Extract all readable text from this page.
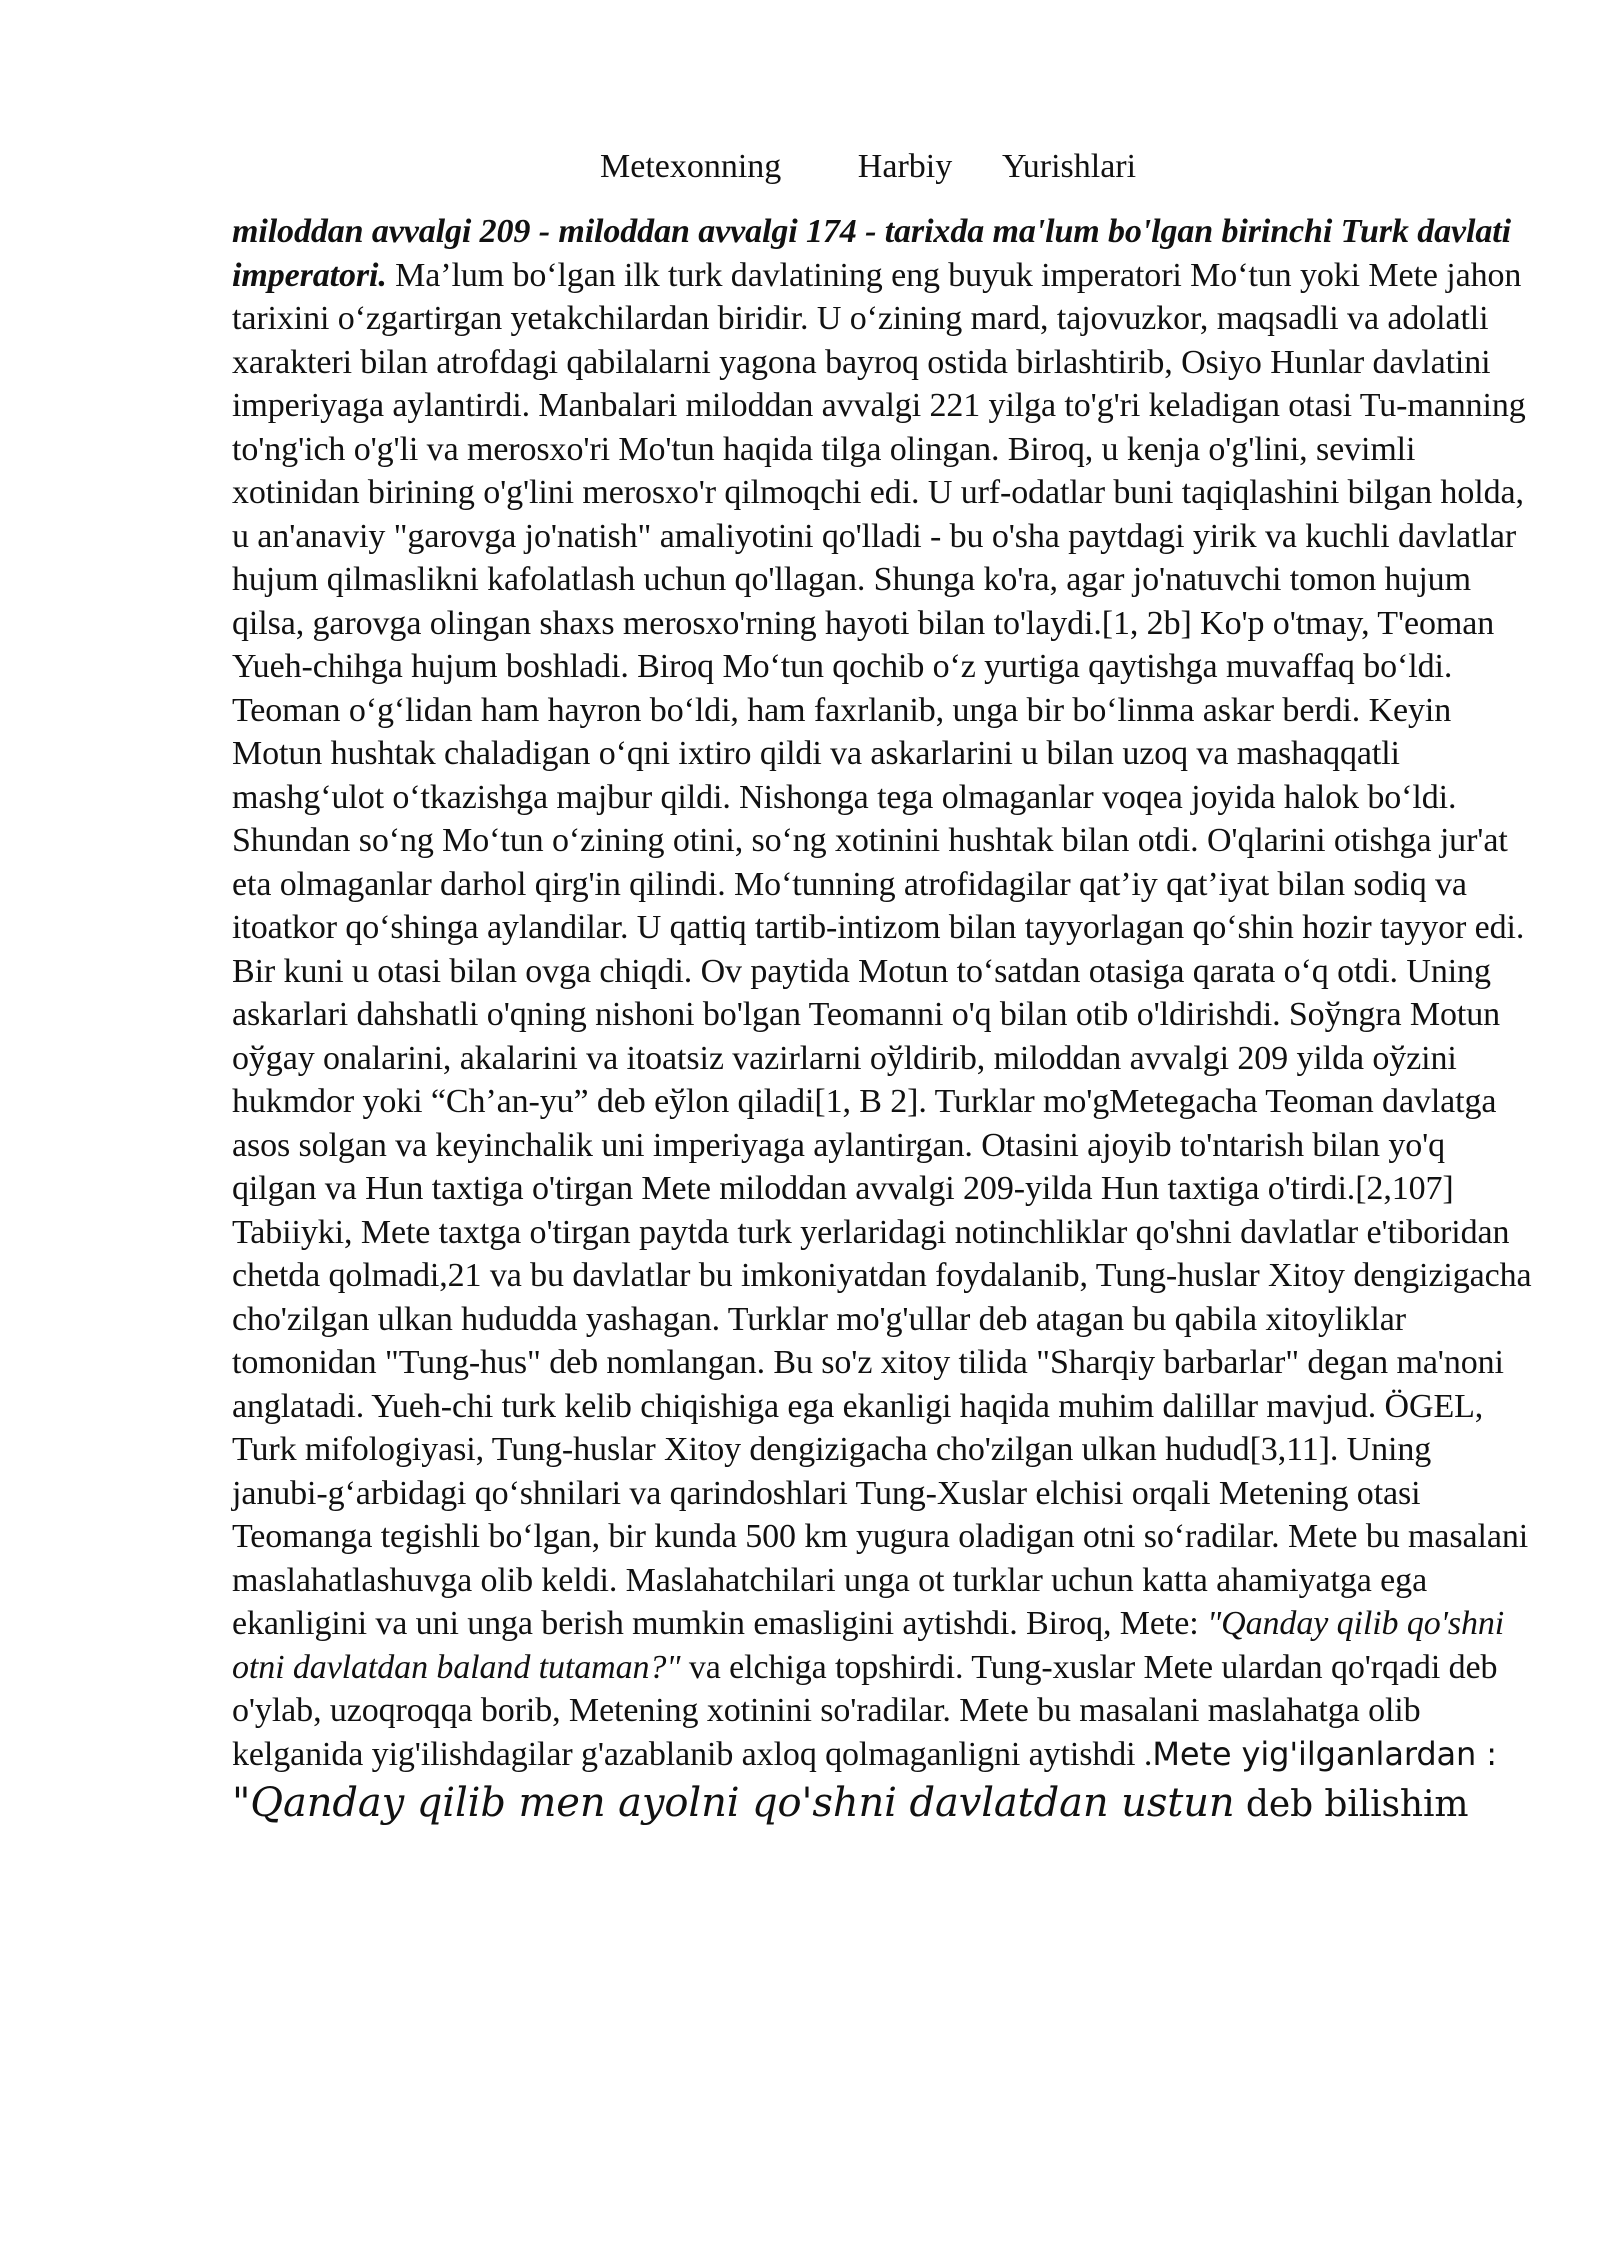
Metexonning         Harbiy      Yurishlari

miloddan avvalgi 209 - miloddan avvalgi 174 - tarixda ma'lum bo'lgan birinchi Turk davlati imperatori. Ma’lum bo‘lgan ilk turk davlatining eng buyuk imperatori Mo‘tun yoki Mete jahon tarixini o‘zgartirgan yetakchilardan biridir. U o‘zining mard, tajovuzkor, maqsadli va adolatli xarakteri bilan atrofdagi qabilalarni yagona bayroq ostida birlashtirib, Osiyo Hunlar davlatini imperiyaga aylantirdi. Manbalari miloddan avvalgi 221 yilga to'g'ri keladigan otasi Tu-manning to'ng'ich o'g'li va merosxo'ri Mo'tun haqida tilga olingan. Biroq, u kenja o'g'lini, sevimli xotinidan birining o'g'lini merosxo'r qilmoqchi edi. U urf-odatlar buni taqiqlashini bilgan holda, u an'anaviy "garovga jo'natish" amaliyotini qo'lladi - bu o'sha paytdagi yirik va kuchli davlatlar hujum qilmaslikni kafolatlash uchun qo'llagan. Shunga ko'ra, agar jo'natuvchi tomon hujum qilsa, garovga olingan shaxs merosxo'rning hayoti bilan to'laydi.[1, 2b] Ko'p o'tmay, T'eoman Yueh-chihga hujum boshladi. Biroq Mo‘tun qochib o‘z yurtiga qaytishga muvaffaq bo‘ldi. Teoman o‘g‘lidan ham hayron bo‘ldi, ham faxrlanib, unga bir bo‘linma askar berdi. Keyin Motun hushtak chaladigan o‘qni ixtiro qildi va askarlarini u bilan uzoq va mashaqqatli mashg‘ulot o‘tkazishga majbur qildi. Nishonga tega olmaganlar voqea joyida halok bo‘ldi. Shundan so‘ng Mo‘tun o‘zining otini, so‘ng xotinini hushtak bilan otdi. O'qlarini otishga jur'at eta olmaganlar darhol qirg'in qilindi. Mo‘tunning atrofidagilar qat’iy qat’iyat bilan sodiq va itoatkor qo‘shinga aylandilar. U qattiq tartib-intizom bilan tayyorlagan qo‘shin hozir tayyor edi. Bir kuni u otasi bilan ovga chiqdi. Ov paytida Motun to‘satdan otasiga qarata o‘q otdi. Uning askarlari dahshatli o'qning nishoni bo'lgan Teomanni o'q bilan otib o'ldirishdi. Soўngra Motun oўgay onalarini, akalarini va itoatsiz vazirlarni oўldirib, miloddan avvalgi 209 yilda oўzini hukmdor yoki “Ch’an-yu” deb eўlon qiladi[1, B 2]. Turklar mo'gMetegacha Teoman davlatga asos solgan va keyinchalik uni imperiyaga aylantirgan. Otasini ajoyib to'ntarish bilan yo'q qilgan va Hun taxtiga o'tirgan Mete miloddan avvalgi 209-yilda Hun taxtiga o'tirdi.[2,107] Tabiiyki, Mete taxtga o'tirgan paytda turk yerlaridagi notinchliklar qo'shni davlatlar e'tiboridan chetda qolmadi,21 va bu davlatlar bu imkoniyatdan foydalanib, Tung-huslar Xitoy dengizigacha cho'zilgan ulkan hududda yashagan. Turklar mo'g'ullar deb atagan bu qabila xitoyliklar tomonidan "Tung-hus" deb nomlangan. Bu so'z xitoy tilida "Sharqiy barbarlar" degan ma'noni anglatadi. Yueh-chi turk kelib chiqishiga ega ekanligi haqida muhim dalillar mavjud. ÖGEL, Turk mifologiyasi, Tung-huslar Xitoy dengizigacha cho'zilgan ulkan hudud[3,11]. Uning janubi-g‘arbidagi qo‘shnilari va qarindoshlari Tung-Xuslar elchisi orqali Metening otasi Teomanga tegishli bo‘lgan, bir kunda 500 km yugura oladigan otni so‘radilar. Mete bu masalani maslahatlashuvga olib keldi. Maslahatchilari unga ot turklar uchun katta ahamiyatga ega ekanligini va uni unga berish mumkin emasligini aytishdi. Biroq, Mete: "Qanday qilib qo'shni otni davlatdan baland tutaman?" va elchiga topshirdi. Tung-xuslar Mete ulardan qo'rqadi deb o'ylab, uzoqroqqa borib, Metening xotinini so'radilar. Mete bu masalani maslahatga olib kelganida yig'ilishdagilar g'azablanib axloq qolmaganligni aytishdi .Mete yig'ilganlardan :
"Qanday qilib men ayolni qo'shni davlatdan ustun deb bilishim
